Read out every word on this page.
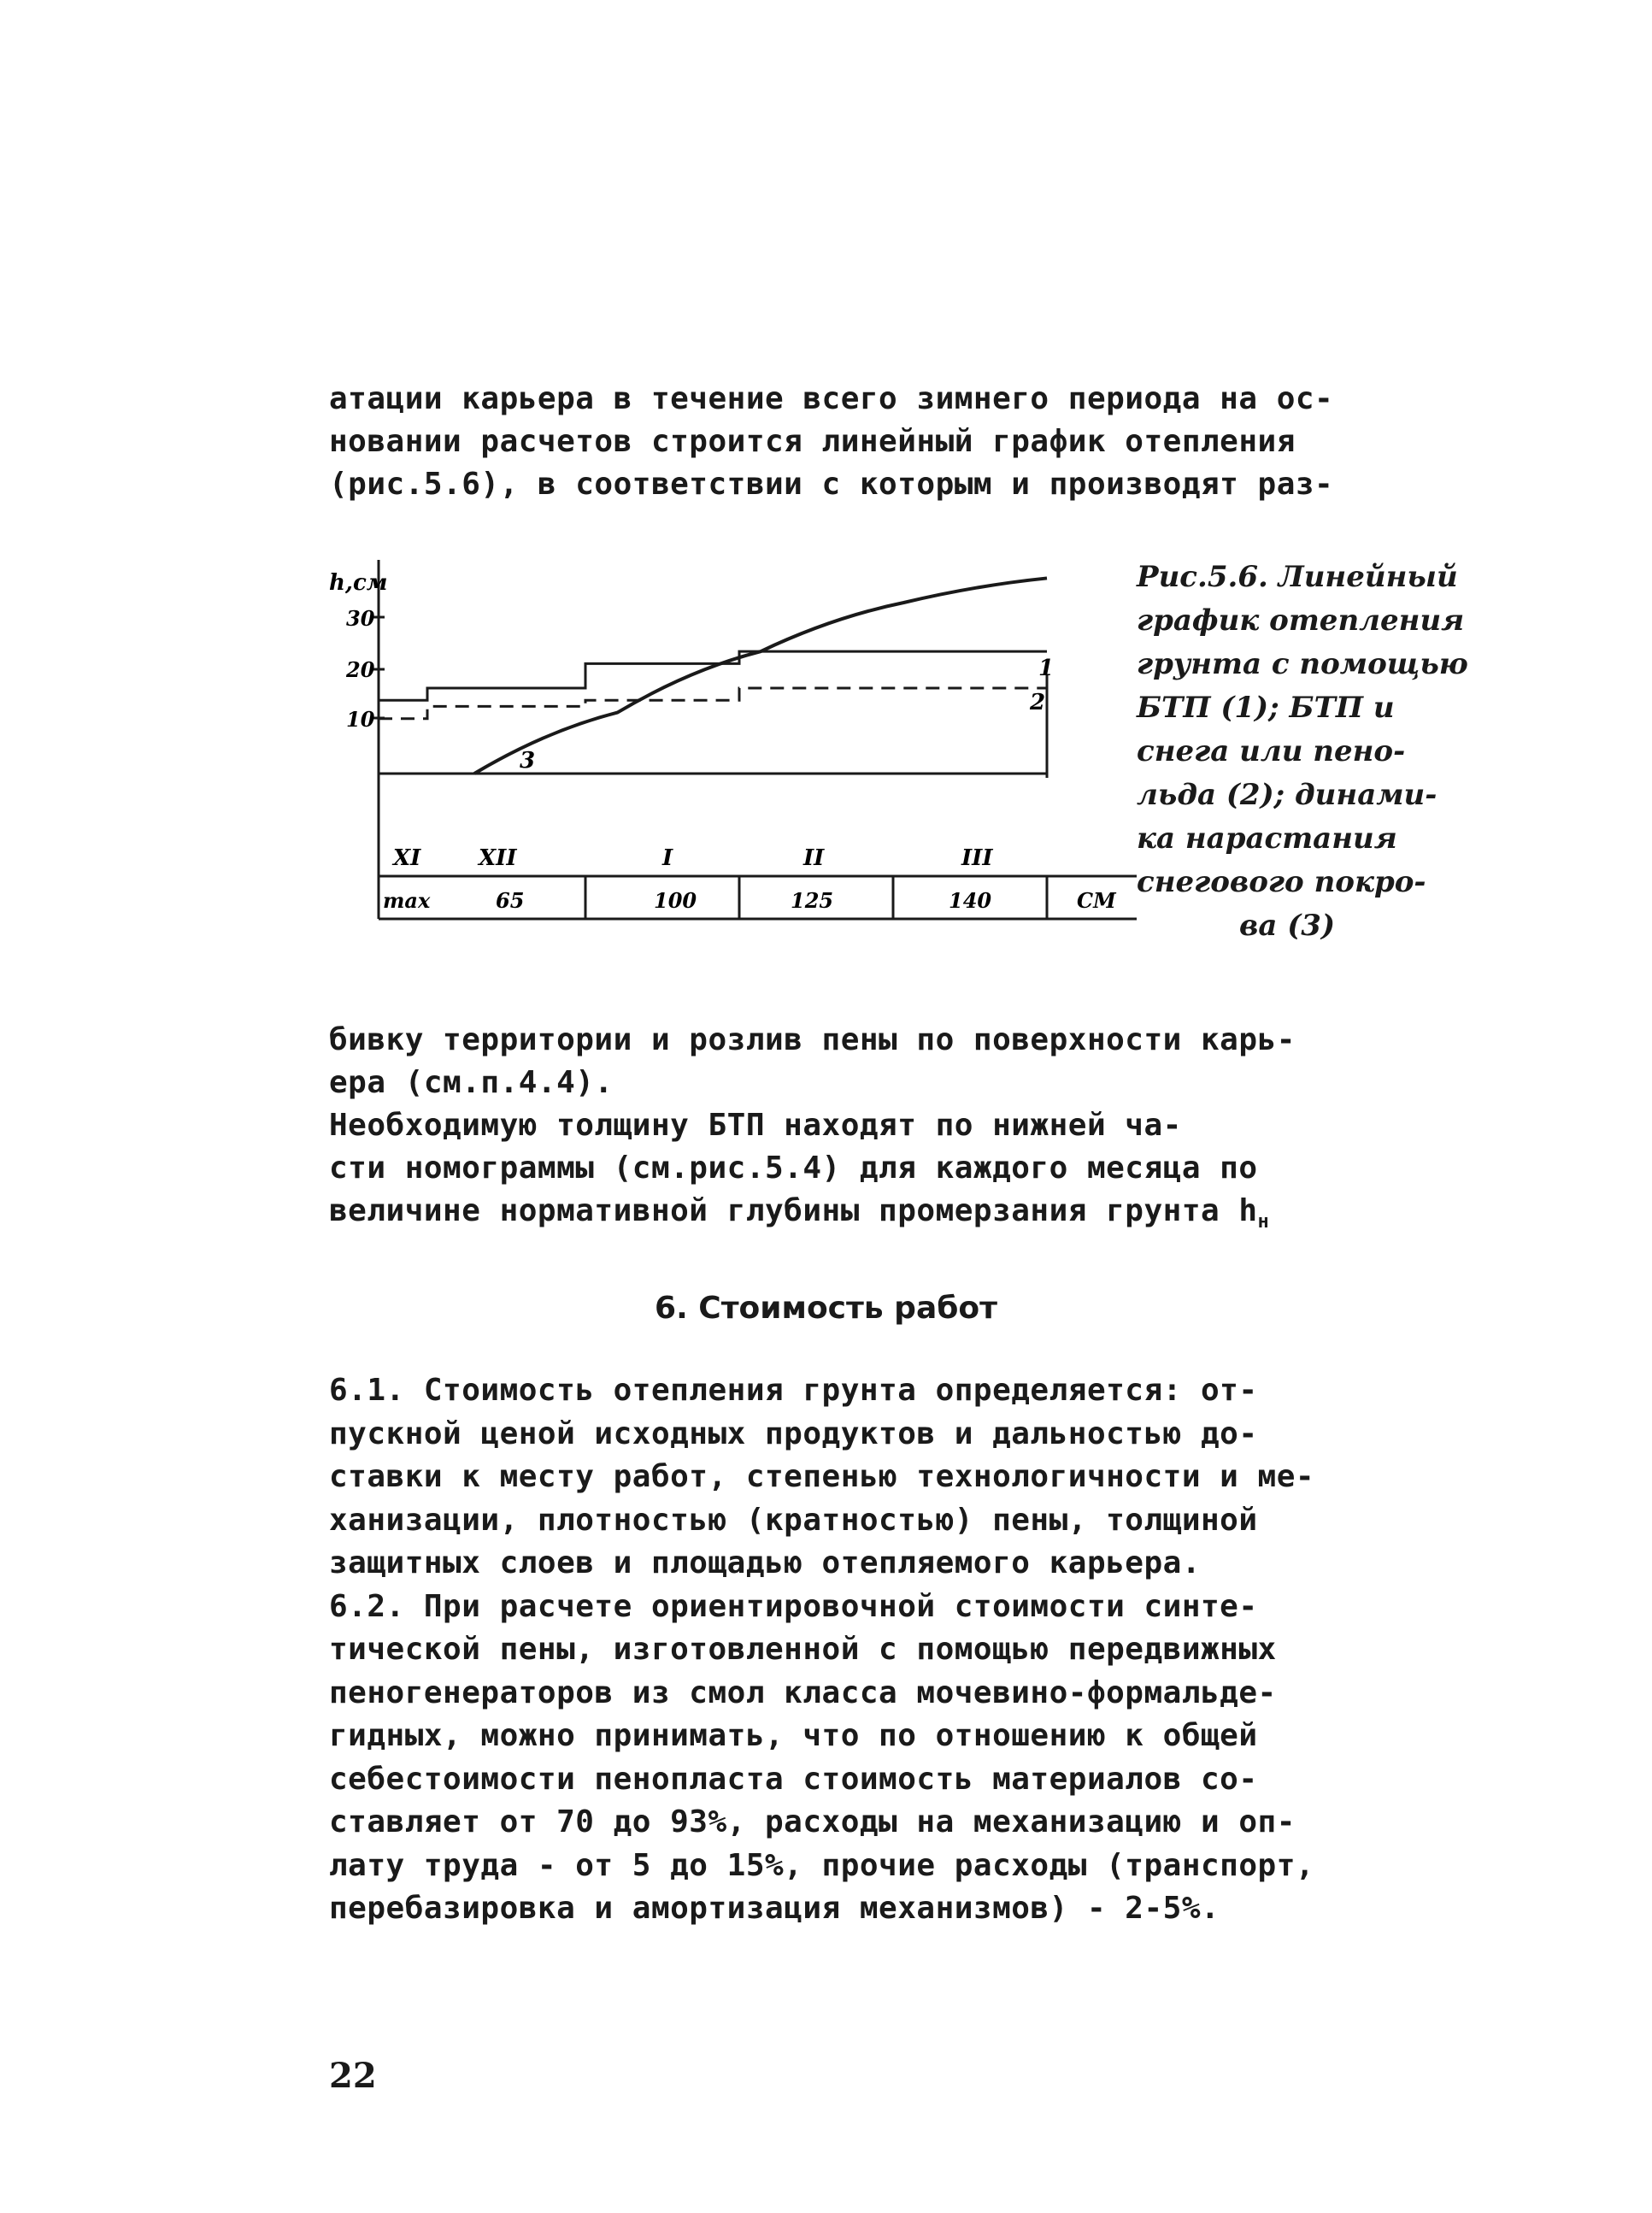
атации карьера в течение всего зимнего периода на ос-
новании расчетов строится линейный график отепления
(рис.5.6), в соответствии с которым и производят раз-
h,см
30
20
10
1
2
3
XI	XII	I	II	III
max	65	100	125	140	СМ
Рис.5.6. Линейный
график отепления
грунта с помощью
БТП (1); БТП и
снега или пено-
льда (2); динами-
ка нарастания
снегового покро-
ва (3)
бивку территории и розлив пены по поверхности карь-
ера (см.п.4.4).
Необходимую толщину БТП находят по нижней ча-
сти номограммы (см.рис.5.4) для каждого месяца по
величине нормативной глубины промерзания грунта $h_н$
6. Стоимость работ
6.1. Стоимость отепления грунта определяется: от-
пускной ценой исходных продуктов и дальностью до-
ставки к месту работ, степенью технологичности и ме-
ханизации, плотностью (кратностью) пены, толщиной
защитных слоев и площадью отепляемого карьера.
6.2. При расчете ориентировочной стоимости синте-
тической пены, изготовленной с помощью передвижных
пеногенераторов из смол класса мочевино-формальде-
гидных, можно принимать, что по отношению к общей
себестоимости пенопласта стоимость материалов со-
ставляет от 70 до 93%, расходы на механизацию и оп-
лату труда - от 5 до 15%, прочие расходы (транспорт,
перебазировка и амортизация механизмов) - 2-5%.
22
